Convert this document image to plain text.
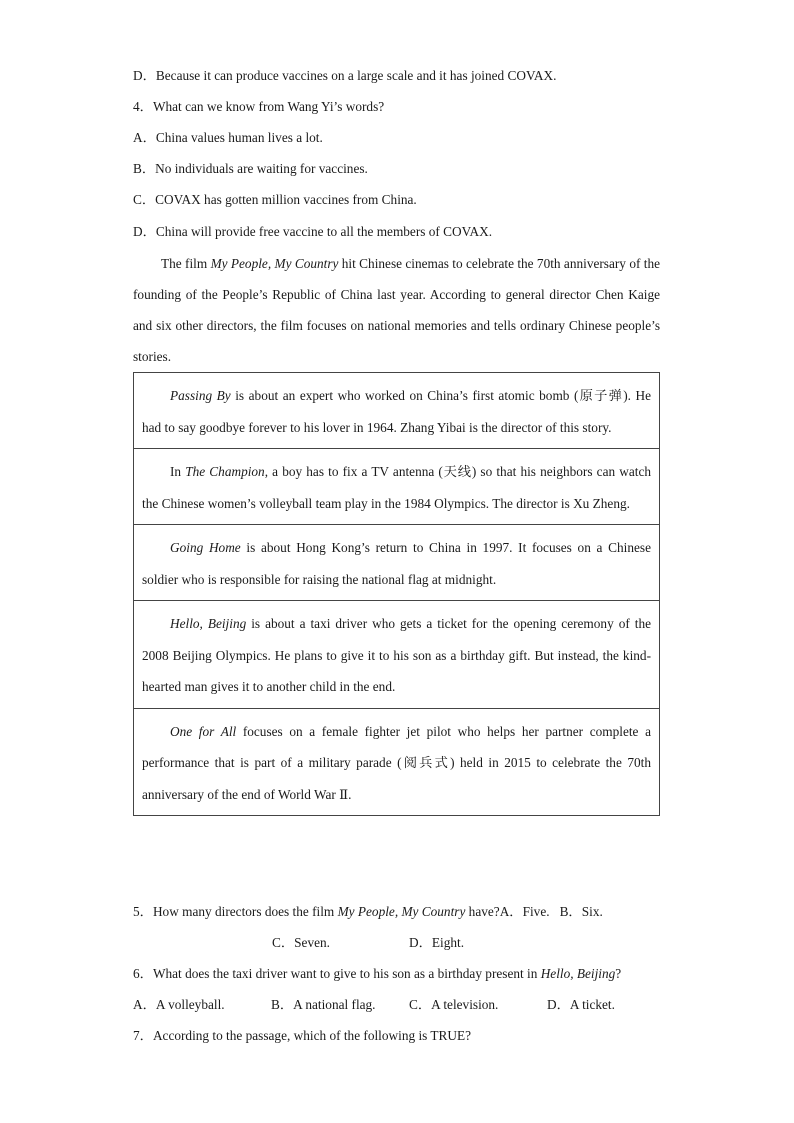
D．Because it can produce vaccines on a large scale and it has joined COVAX.
4．What can we know from Wang Yi’s words?
A．China values human lives a lot.
B．No individuals are waiting for vaccines.
C．COVAX has gotten million vaccines from China.
D．China will provide free vaccine to all the members of COVAX.
The film My People, My Country hit Chinese cinemas to celebrate the 70th anniversary of the founding of the People’s Republic of China last year. According to general director Chen Kaige and six other directors, the film focuses on national memories and tells ordinary Chinese people’s stories.
Passing By is about an expert who worked on China’s first atomic bomb (原子弹). He had to say goodbye forever to his lover in 1964. Zhang Yibai is the director of this story.
In The Champion, a boy has to fix a TV antenna (天线) so that his neighbors can watch the Chinese women’s volleyball team play in the 1984 Olympics. The director is Xu Zheng.
Going Home is about Hong Kong’s return to China in 1997. It focuses on a Chinese soldier who is responsible for raising the national flag at midnight.
Hello, Beijing is about a taxi driver who gets a ticket for the opening ceremony of the 2008 Beijing Olympics. He plans to give it to his son as a birthday gift. But instead, the kind-hearted man gives it to another child in the end.
One for All focuses on a female fighter jet pilot who helps her partner complete a performance that is part of a military parade (阅兵式) held in 2015 to celebrate the 70th anniversary of the end of World War Ⅱ.
5．How many directors does the film My People, My Country have?A．Five. B．Six.
C．Seven.	D．Eight.
6．What does the taxi driver want to give to his son as a birthday present in Hello, Beijing?
A．A volleyball.	B．A national flag.	C．A television.	D．A ticket.
7．According to the passage, which of the following is TRUE?
